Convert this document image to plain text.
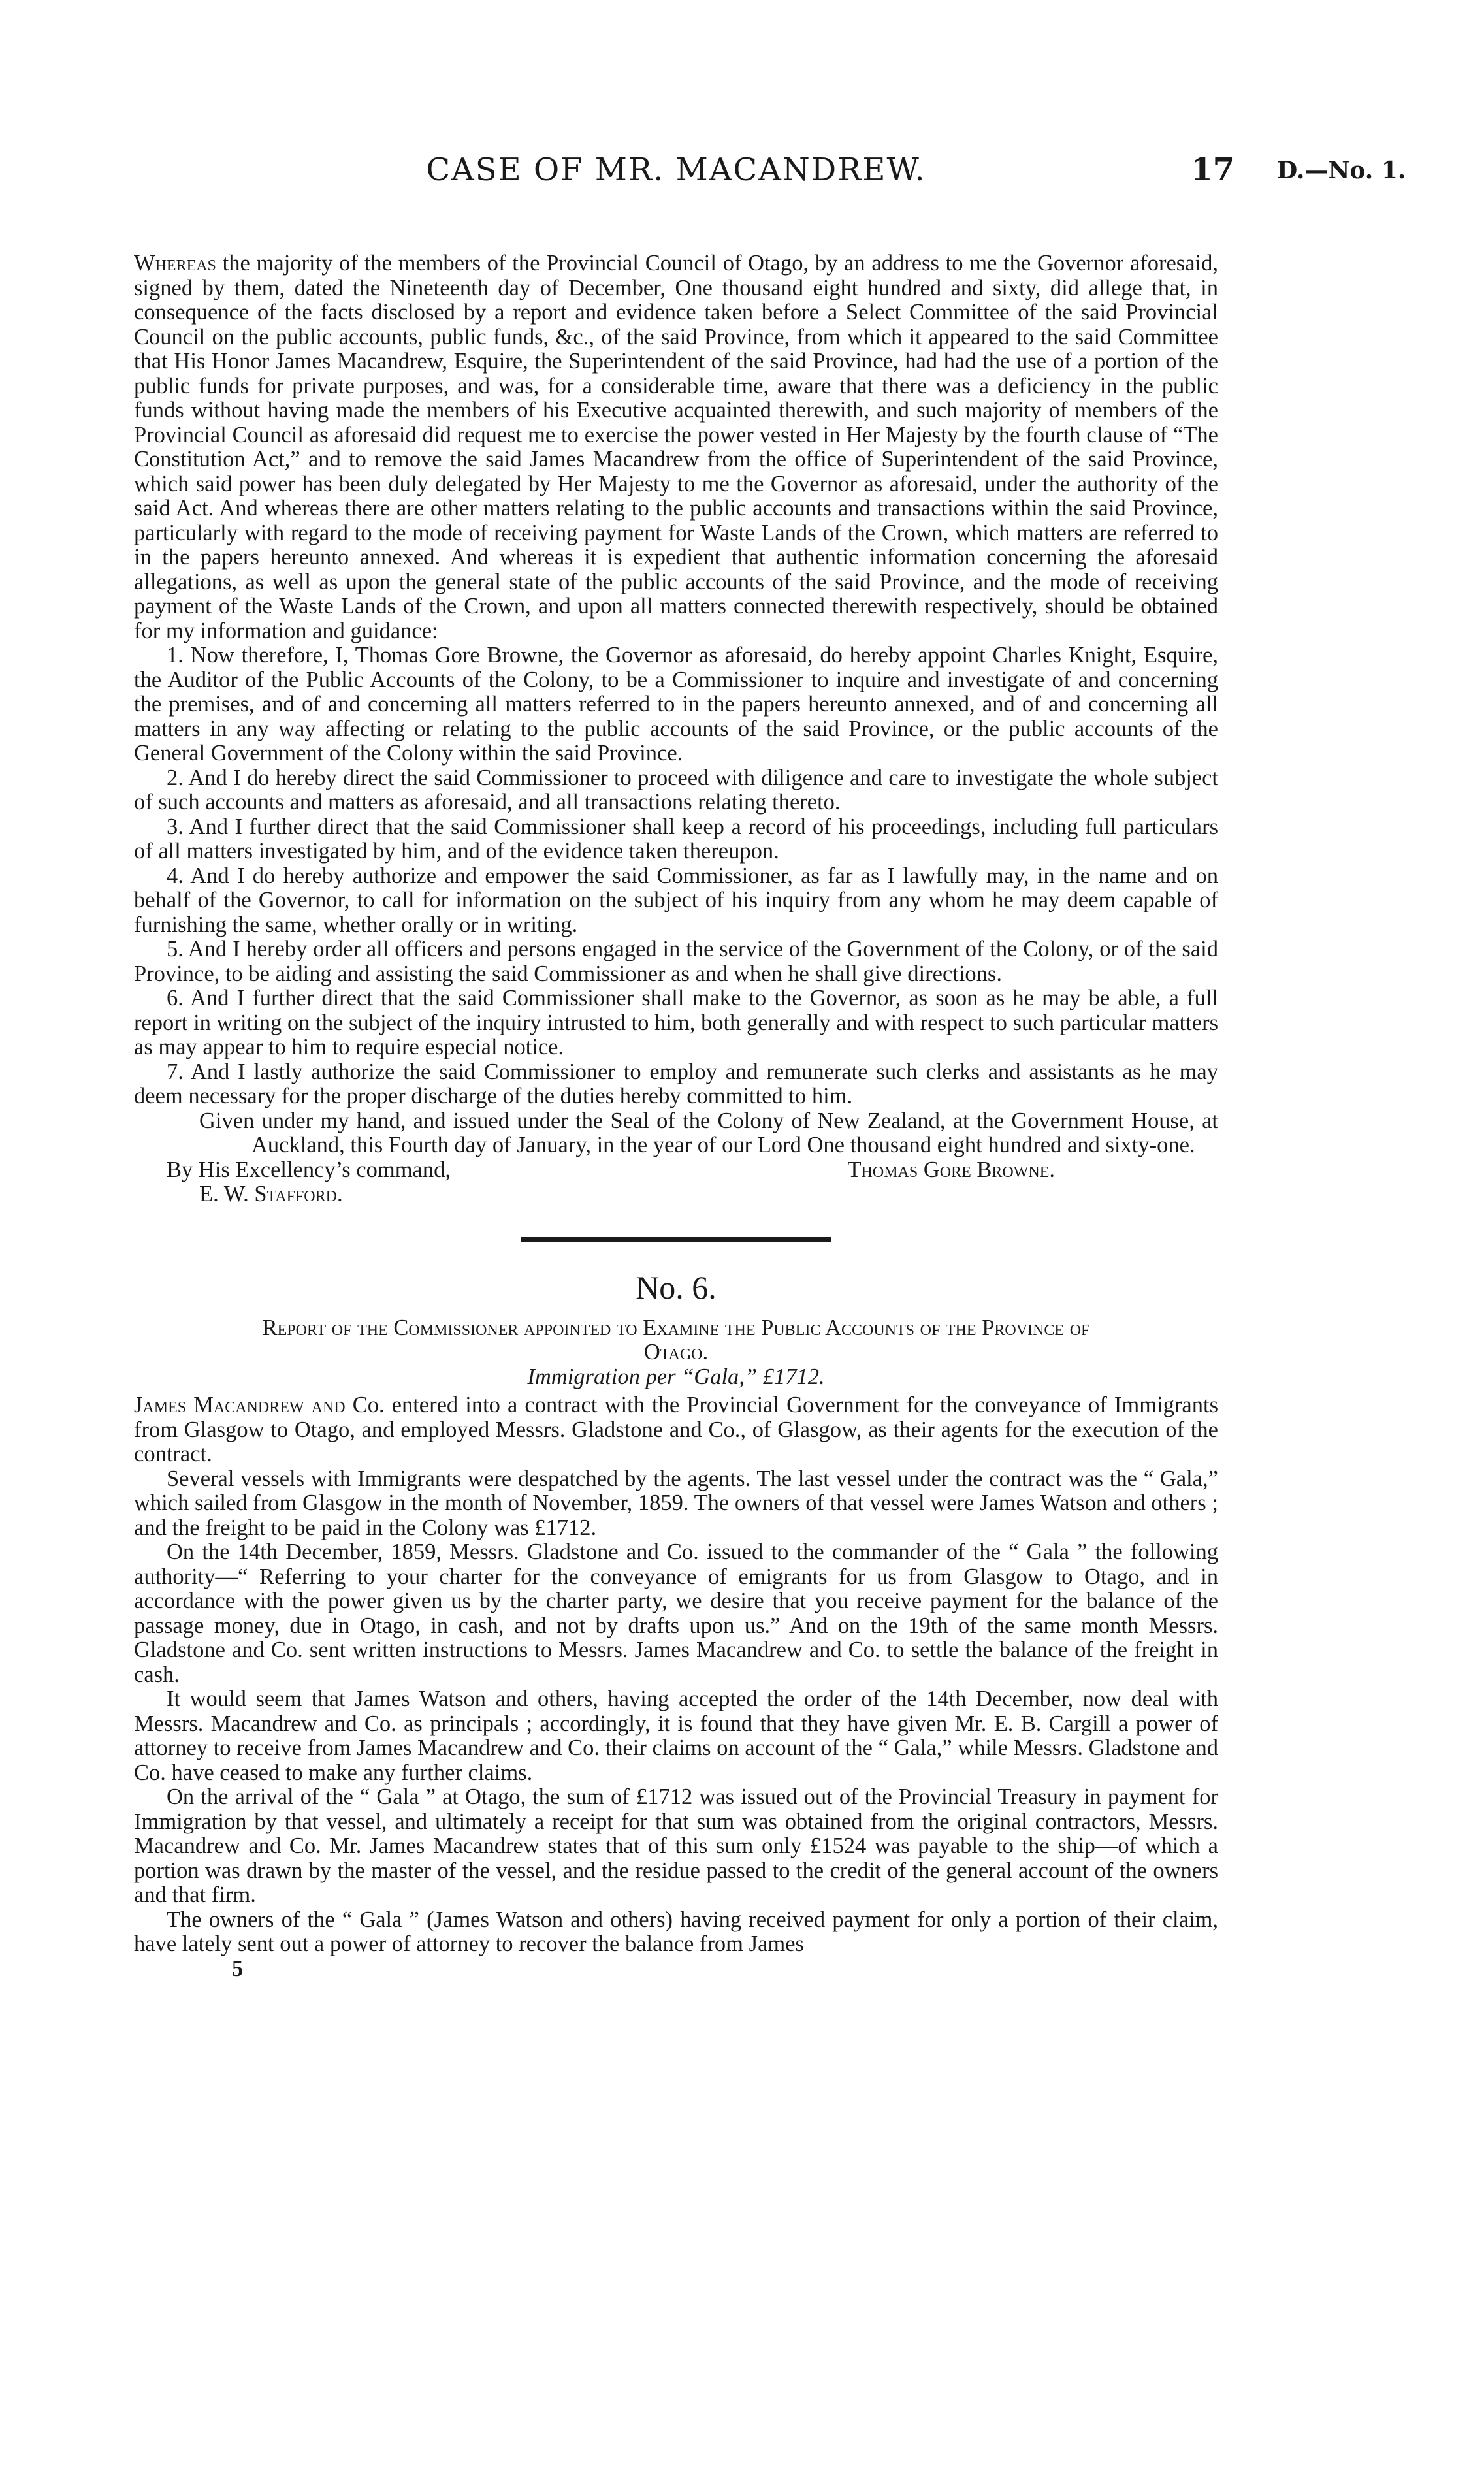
CASE OF MR. MACANDREW.	17 D.—No. 1.

Whereas the majority of the members of the Provincial Council of Otago, by an address to me the Governor aforesaid, signed by them, dated the Nineteenth day of December, One thousand eight hundred and sixty, did allege that, in consequence of the facts disclosed by a report and evidence taken before a Select Committee of the said Provincial Council on the public accounts, public funds, &c., of the said Province, from which it appeared to the said Committee that His Honor James Macandrew, Esquire, the Superintendent of the said Province, had had the use of a portion of the public funds for private purposes, and was, for a considerable time, aware that there was a deficiency in the public funds without having made the members of his Executive acquainted therewith, and such majority of members of the Provincial Council as aforesaid did request me to exercise the power vested in Her Majesty by the fourth clause of “The Constitution Act,” and to remove the said James Macandrew from the office of Superintendent of the said Province, which said power has been duly delegated by Her Majesty to me the Governor as aforesaid, under the authority of the said Act. And whereas there are other matters relating to the public accounts and transactions within the said Province, particularly with regard to the mode of receiving payment for Waste Lands of the Crown, which matters are referred to in the papers hereunto annexed. And whereas it is expedient that authentic information concerning the aforesaid allegations, as well as upon the general state of the public accounts of the said Province, and the mode of receiving payment of the Waste Lands of the Crown, and upon all matters connected therewith respectively, should be obtained for my information and guidance:

1. Now therefore, I, Thomas Gore Browne, the Governor as aforesaid, do hereby appoint Charles Knight, Esquire, the Auditor of the Public Accounts of the Colony, to be a Commissioner to inquire and investigate of and concerning the premises, and of and concerning all matters referred to in the papers hereunto annexed, and of and concerning all matters in any way affecting or relating to the public accounts of the said Province, or the public accounts of the General Government of the Colony within the said Province.

2. And I do hereby direct the said Commissioner to proceed with diligence and care to investigate the whole subject of such accounts and matters as aforesaid, and all transactions relating thereto.

3. And I further direct that the said Commissioner shall keep a record of his proceedings, including full particulars of all matters investigated by him, and of the evidence taken thereupon.

4. And I do hereby authorize and empower the said Commissioner, as far as I lawfully may, in the name and on behalf of the Governor, to call for information on the subject of his inquiry from any whom he may deem capable of furnishing the same, whether orally or in writing.

5. And I hereby order all officers and persons engaged in the service of the Government of the Colony, or of the said Province, to be aiding and assisting the said Commissioner as and when he shall give directions.

6. And I further direct that the said Commissioner shall make to the Governor, as soon as he may be able, a full report in writing on the subject of the inquiry intrusted to him, both generally and with respect to such particular matters as may appear to him to require especial notice.

7. And I lastly authorize the said Commissioner to employ and remunerate such clerks and assistants as he may deem necessary for the proper discharge of the duties hereby committed to him.

Given under my hand, and issued under the Seal of the Colony of New Zealand, at the Government House, at Auckland, this Fourth day of January, in the year of our Lord One thousand eight hundred and sixty-one.

By His Excellency’s command,	Thomas Gore Browne.

E. W. Stafford.

No. 6.

Report of the Commissioner appointed to Examine the Public Accounts of the Province of Otago.

Immigration per “Gala,” £1712.

James Macandrew and Co. entered into a contract with the Provincial Government for the conveyance of Immigrants from Glasgow to Otago, and employed Messrs. Gladstone and Co., of Glasgow, as their agents for the execution of the contract.

Several vessels with Immigrants were despatched by the agents. The last vessel under the contract was the “ Gala,” which sailed from Glasgow in the month of November, 1859. The owners of that vessel were James Watson and others ; and the freight to be paid in the Colony was £1712.

On the 14th December, 1859, Messrs. Gladstone and Co. issued to the commander of the “ Gala ” the following authority—“ Referring to your charter for the conveyance of emigrants for us from Glasgow to Otago, and in accordance with the power given us by the charter party, we desire that you receive payment for the balance of the passage money, due in Otago, in cash, and not by drafts upon us.” And on the 19th of the same month Messrs. Gladstone and Co. sent written instructions to Messrs. James Macandrew and Co. to settle the balance of the freight in cash.

It would seem that James Watson and others, having accepted the order of the 14th December, now deal with Messrs. Macandrew and Co. as principals ; accordingly, it is found that they have given Mr. E. B. Cargill a power of attorney to receive from James Macandrew and Co. their claims on account of the “ Gala,” while Messrs. Gladstone and Co. have ceased to make any further claims.

On the arrival of the “ Gala ” at Otago, the sum of £1712 was issued out of the Provincial Treasury in payment for Immigration by that vessel, and ultimately a receipt for that sum was obtained from the original contractors, Messrs. Macandrew and Co. Mr. James Macandrew states that of this sum only £1524 was payable to the ship—of which a portion was drawn by the master of the vessel, and the residue passed to the credit of the general account of the owners and that firm.

The owners of the “ Gala ” (James Watson and others) having received payment for only a portion of their claim, have lately sent out a power of attorney to recover the balance from James

5
